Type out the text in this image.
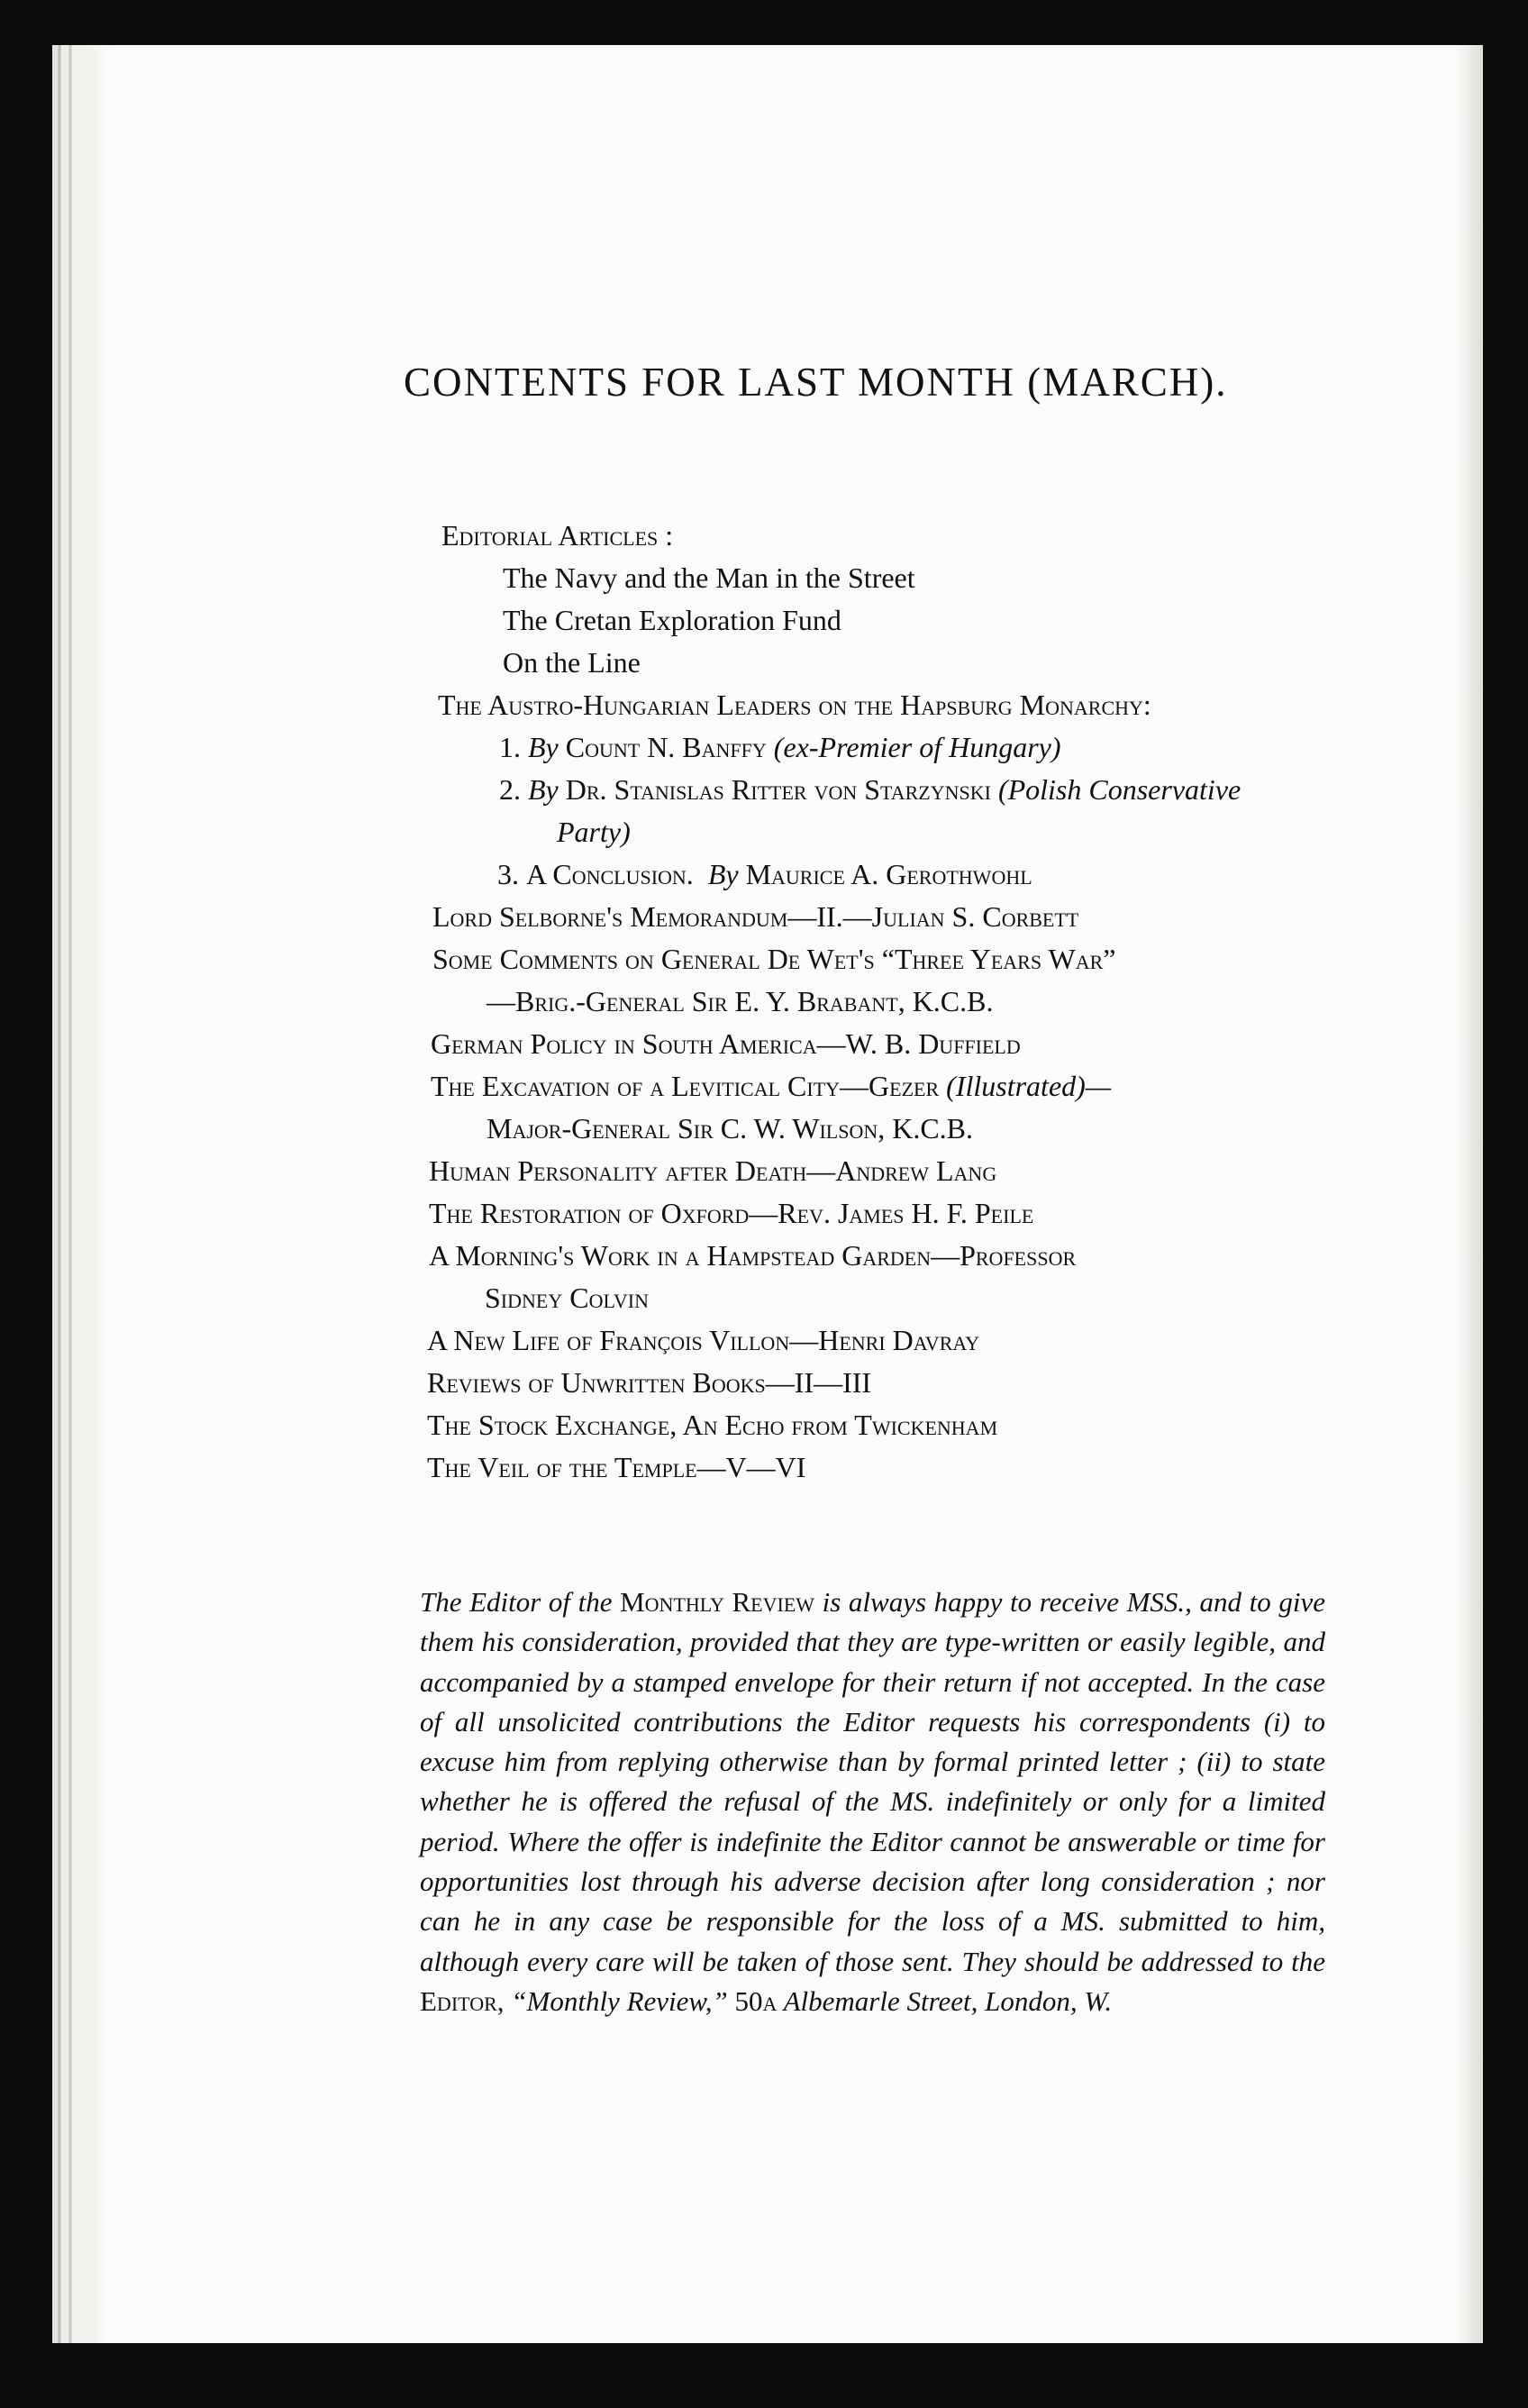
CONTENTS FOR LAST MONTH (MARCH).
Editorial Articles :
The Navy and the Man in the Street
The Cretan Exploration Fund
On the Line
The Austro-Hungarian Leaders on the Hapsburg Monarchy:
1. By Count N. Banffy (ex-Premier of Hungary)
2. By Dr. Stanislas Ritter von Starzynski (Polish Conservative
Party)
3. A Conclusion. By Maurice A. Gerothwohl
Lord Selborne's Memorandum—II.—Julian S. Corbett
Some Comments on General De Wet's “Three Years War”
—Brig.-General Sir E. Y. Brabant, K.C.B.
German Policy in South America—W. B. Duffield
The Excavation of a Levitical City—Gezer (Illustrated)—
Major-General Sir C. W. Wilson, K.C.B.
Human Personality after Death—Andrew Lang
The Restoration of Oxford—Rev. James H. F. Peile
A Morning's Work in a Hampstead Garden—Professor
Sidney Colvin
A New Life of François Villon—Henri Davray
Reviews of Unwritten Books—II—III
The Stock Exchange, An Echo from Twickenham
The Veil of the Temple—V—VI

The Editor of the Monthly Review is always happy to receive MSS., and to give them his consideration, provided that they are type-written or easily legible, and accompanied by a stamped envelope for their return if not accepted. In the case of all unsolicited contributions the Editor requests his correspondents (i) to excuse him from replying otherwise than by formal printed letter ; (ii) to state whether he is offered the refusal of the MS. indefinitely or only for a limited period. Where the offer is indefinite the Editor cannot be answerable or time for opportunities lost through his adverse decision after long consideration ; nor can he in any case be responsible for the loss of a MS. submitted to him, although every care will be taken of those sent. They should be addressed to the Editor, “Monthly Review,” 50a Albemarle Street, London, W.
